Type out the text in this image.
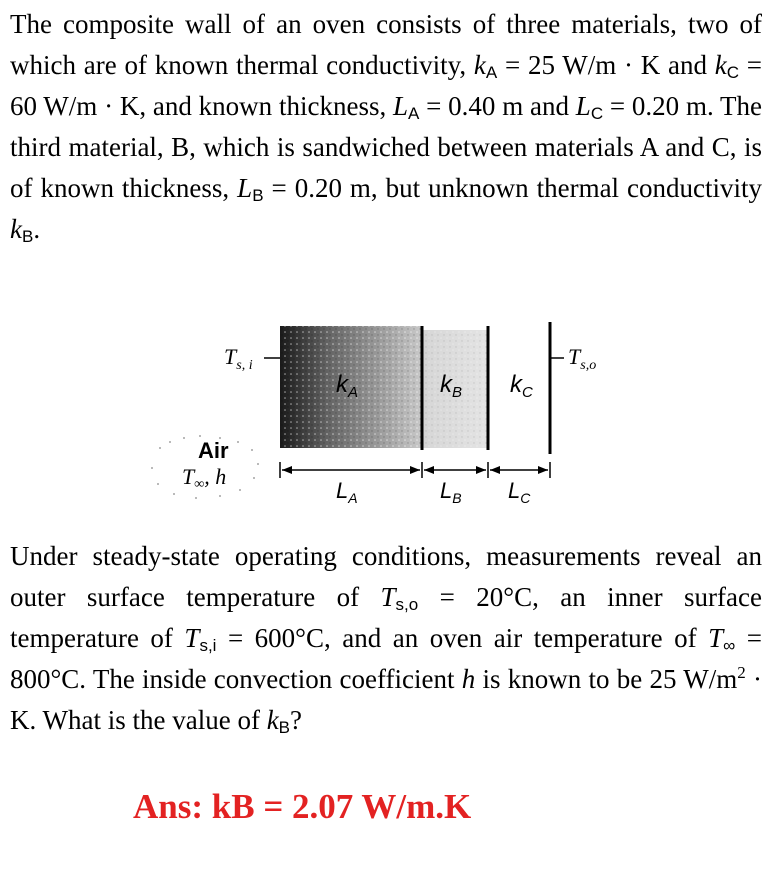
The composite wall of an oven consists of three materials, two of which are of known thermal conductivity, $k_A = 25$ W/m · K and $k_C = 60$ W/m · K, and known thickness, $L_A = 0.40$ m and $L_C = 0.20$ m. The third material, B, which is sandwiched between materials A and C, is of known thickness, $L_B = 0.20$ m, but unknown thermal conductivity $k_B$.

$T_{s, i}$	$T_{s,o}$
Air
T∞, h
$k_A$	$k_B$ $k_C$
$L_A$	$L_B$ $L_C$

Under steady-state operating conditions, measurements reveal an outer surface temperature of $T_{s,o} = 20^\circ C$, an inner surface temperature of $T_{s,i} = 600^\circ C$, and an oven air temperature of $T_\infty = 800^\circ C$. The inside convection coefficient h is known to be 25 $W/m^2 \cdot K$. What is the value of $k_B$?

Ans: kB = 2.07 W/m.K
